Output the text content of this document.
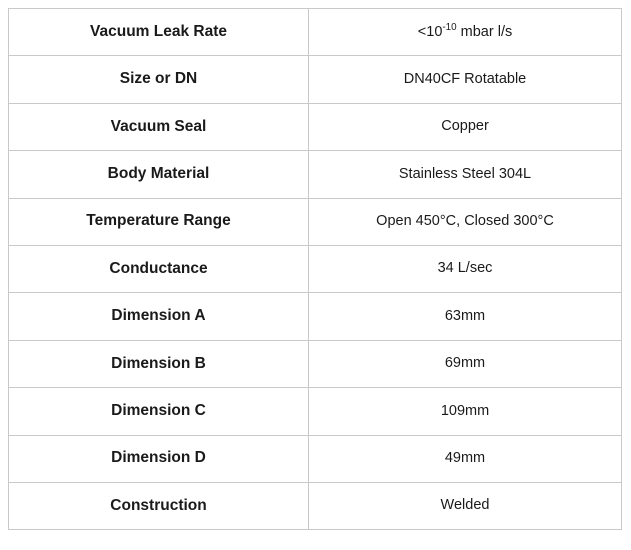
Vacuum Leak Rate	$<10^{-10}$ mbar l/s
Size or DN	DN40CF Rotatable
Vacuum Seal	Copper
Body Material	Stainless Steel 304L
Temperature Range	Open 450°C, Closed 300°C
Conductance	34 L/sec
Dimension A	63mm
Dimension B	69mm
Dimension C	109mm
Dimension D	49mm
Construction	Welded
